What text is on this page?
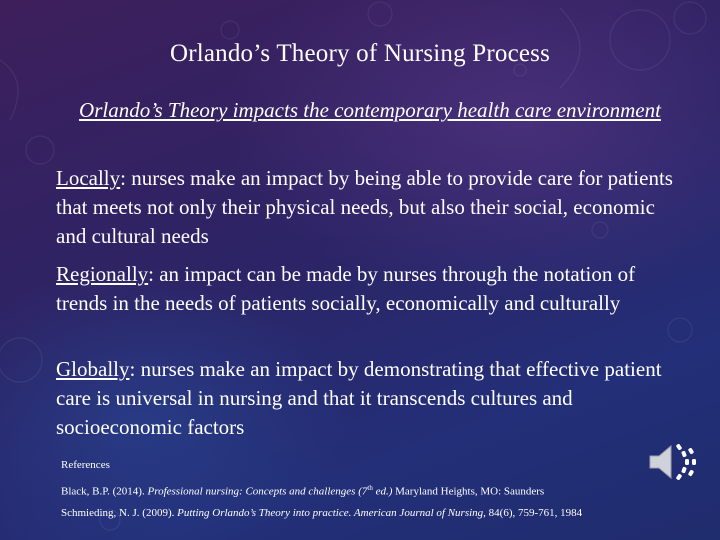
Orlando’s Theory of Nursing Process
Orlando’s Theory impacts the contemporary health care environment
Locally: nurses make an impact by being able to provide care for patients that meets not only their physical needs, but also their social, economic and cultural needs
Regionally: an impact can be made by nurses through the notation of trends in the needs of patients socially, economically and culturally
Globally: nurses make an impact by demonstrating that effective patient care is universal in nursing and that it transcends cultures and socioeconomic factors
References
Black, B.P. (2014). Professional nursing: Concepts and challenges (7th ed.) Maryland Heights, MO: Saunders
Schmieding, N. J. (2009). Putting Orlando’s Theory into practice. American Journal of Nursing, 84(6), 759-761, 1984
